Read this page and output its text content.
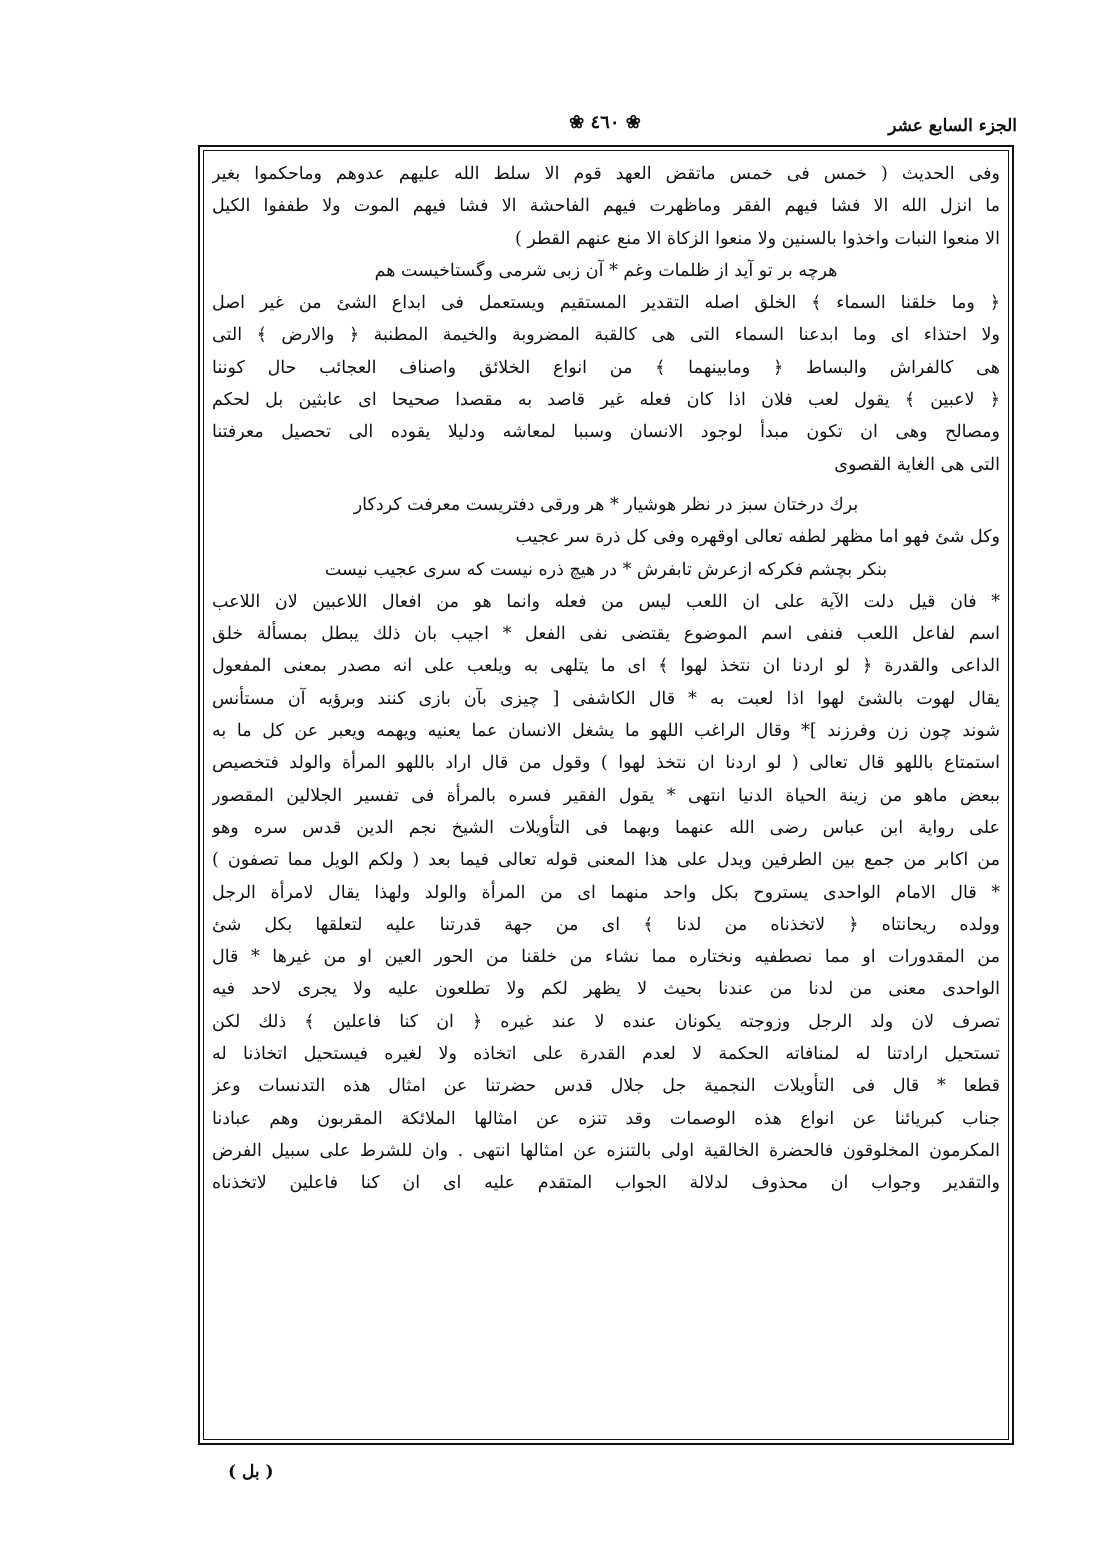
الجزء السابع عشر
❀ ٤٦٠ ❀
وفى الحديث ( خمس فى خمس ماتقض العهد قوم الا سلط الله عليهم عدوهم وماحكموا بغير
ما انزل الله الا فشا فيهم الفقر وماظهرت فيهم الفاحشة الا فشا فيهم الموت ولا طففوا الكيل
الا منعوا النبات واخذوا بالسنين ولا منعوا الزكاة الا منع عنهم القطر )
هرچه بر تو آيد از ظلمات وغم * آن زبى شرمى وگستاخيست هم
﴿ وما خلقنا السماء ﴾ الخلق اصله التقدير المستقيم ويستعمل فى ابداع الشئ من غير اصل
ولا احتذاء اى وما ابدعنا السماء التى هى كالقبة المضروبة والخيمة المطنبة ﴿ والارض ﴾ التى
هى كالفراش والبساط ﴿ ومابينهما ﴾ من انواع الخلائق واصناف العجائب حال كوننا
﴿ لاعبين ﴾ يقول لعب فلان اذا كان فعله غير قاصد به مقصدا صحيحا اى عابثين بل لحكم
ومصالح وهى ان تكون مبدأ لوجود الانسان وسببا لمعاشه ودليلا يقوده الى تحصيل معرفتنا
التى هى الغاية القصوى
برك درختان سبز در نظر هوشيار * هر ورقى دفتريست معرفت كردكار
وكل شئ فهو اما مظهر لطفه تعالى اوقهره وفى كل ذرة سر عجيب
بنكر بچشم فكركه ازعرش تابفرش * در هيچ ذره نيست كه سرى عجيب نيست
* فان قيل دلت الآية على ان اللعب ليس من فعله وانما هو من افعال اللاعبين لان اللاعب
اسم لفاعل اللعب فنفى اسم الموضوع يقتضى نفى الفعل * اجيب بان ذلك يبطل بمسألة خلق
الداعى والقدرة ﴿ لو اردنا ان نتخذ لهوا ﴾ اى ما يتلهى به ويلعب على انه مصدر بمعنى المفعول
يقال لهوت بالشئ لهوا اذا لعبت به * قال الكاشفى [ چيزى بآن بازى كنند وبرؤيه آن مستأنس
شوند چون زن وفرزند ]* وقال الراغب اللهو ما يشغل الانسان عما يعنيه ويهمه ويعبر عن كل ما به
استمتاع باللهو قال تعالى ( لو اردنا ان نتخذ لهوا ) وقول من قال اراد باللهو المرأة والولد فتخصيص
ببعض ماهو من زينة الحياة الدنيا انتهى * يقول الفقير فسره بالمرأة فى تفسير الجلالين المقصور
على رواية ابن عباس رضى الله عنهما وبهما فى التأويلات الشيخ نجم الدين قدس سره وهو
من اكابر من جمع بين الطرفين ويدل على هذا المعنى قوله تعالى فيما بعد ( ولكم الويل مما تصفون )
* قال الامام الواحدى يستروح بكل واحد منهما اى من المرأة والولد ولهذا يقال لامرأة الرجل
وولده ريحانتاه ﴿ لاتخذناه من لدنا ﴾ اى من جهة قدرتنا عليه لتعلقها بكل شئ
من المقدورات او مما نصطفيه ونختاره مما نشاء من خلقنا من الحور العين او من غيرها * قال
الواحدى معنى من لدنا من عندنا بحيث لا يظهر لكم ولا تطلعون عليه ولا يجرى لاحد فيه
تصرف لان ولد الرجل وزوجته يكونان عنده لا عند غيره ﴿ ان كنا فاعلين ﴾ ذلك لكن
تستحيل ارادتنا له لمنافاته الحكمة لا لعدم القدرة على اتخاذه ولا لغيره فيستحيل اتخاذنا له
قطعا * قال فى التأويلات النجمية جل جلال قدس حضرتنا عن امثال هذه التدنسات وعز
جناب كبريائنا عن انواع هذه الوصمات وقد تنزه عن امثالها الملائكة المقربون وهم عبادنا
المكرمون المخلوقون فالحضرة الخالقية اولى بالتنزه عن امثالها انتهى . وان للشرط على سبيل الفرض
والتقدير وجواب ان محذوف لدلالة الجواب المتقدم عليه اى ان كنا فاعلين لاتخذناه
( بل )
